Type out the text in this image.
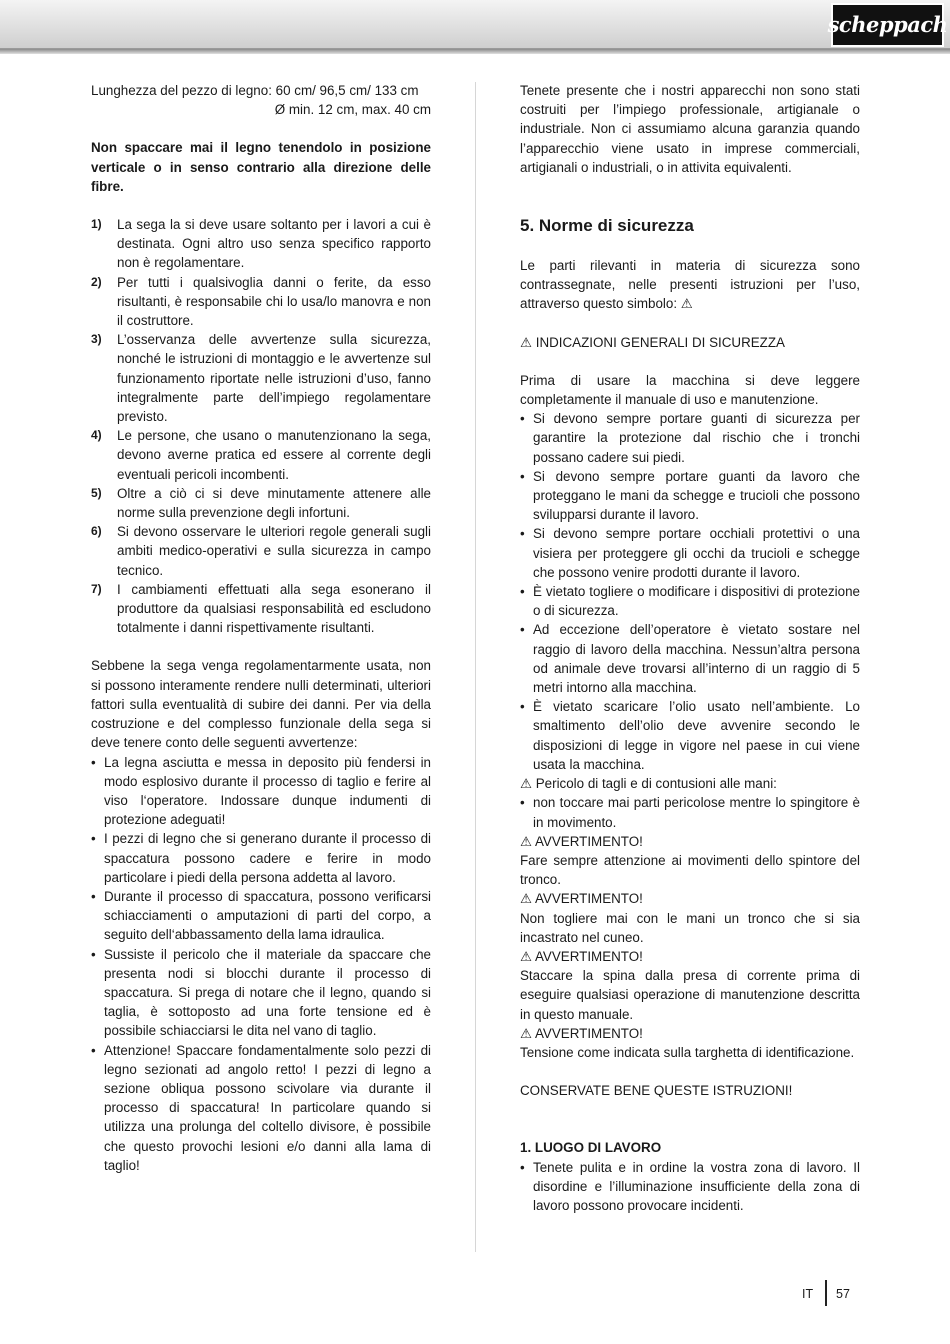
scheppach

Lunghezza del pezzo di legno: 60 cm/ 96,5 cm/ 133 cm

Ø min. 12 cm, max. 40 cm

Non spaccare mai il legno tenendolo in posizione verticale o in senso contrario alla direzione delle fibre.

1)	La sega la si deve usare soltanto per i lavori a cui è destinata. Ogni altro uso senza specifico rapporto non è regolamentare.
2)	Per tutti i qualsivoglia danni o ferite, da esso risultanti, è responsabile chi lo usa/lo manovra e non il costruttore.
3)	L’osservanza delle avvertenze sulla sicurezza, nonché le istruzioni di montaggio e le avvertenze sul funzionamento riportate nelle istruzioni d’uso, fanno integralmente parte dell’impiego regolamentare previsto.
4)	Le persone, che usano o manutenzionano la sega, devono averne pratica ed essere al corrente degli eventuali pericoli incombenti.
5)	Oltre a ciò ci si deve minutamente attenere alle norme sulla prevenzione degli infortuni.
6)	Si devono osservare le ulteriori regole generali sugli ambiti medico-operativi e sulla sicurezza in campo tecnico.
7)	I cambiamenti effettuati alla sega esonerano il produttore da qualsiasi responsabilità ed escludono totalmente i danni rispettivamente risultanti.

Sebbene la sega venga regolamentarmente usata, non si possono interamente rendere nulli determinati, ulteriori fattori sulla eventualità di subire dei danni. Per via della costruzione e del complesso funzionale della sega si deve tenere conto delle seguenti avvertenze:

• La legna asciutta e messa in deposito più fendersi in modo esplosivo durante il processo di taglio e ferire al viso l‘operatore. Indossare dunque indumenti di protezione adeguati!
• I pezzi di legno che si generano durante il processo di spaccatura possono cadere e ferire in modo particolare i piedi della persona addetta al lavoro.
• Durante il processo di spaccatura, possono verificarsi schiacciamenti o amputazioni di parti del corpo, a seguito dell‘abbassamento della lama idraulica.
• Sussiste il pericolo che il materiale da spaccare che presenta nodi si blocchi durante il processo di spaccatura. Si prega di notare che il legno, quando si taglia, è sottoposto ad una forte tensione ed è possibile schiacciarsi le dita nel vano di taglio.
• Attenzione! Spaccare fondamentalmente solo pezzi di legno sezionati ad angolo retto! I pezzi di legno a sezione obliqua possono scivolare via durante il processo di spaccatura! In particolare quando si utilizza una prolunga del coltello divisore, è possibile che questo provochi lesioni e/o danni alla lama di taglio!

Tenete presente che i nostri apparecchi non sono stati costruiti per l’impiego professionale, artigianale o industriale. Non ci assumiamo alcuna garanzia quando l’apparecchio viene usato in imprese commerciali, artigianali o industriali, o in attivita equivalenti.

5. Norme di sicurezza

Le parti rilevanti in materia di sicurezza sono contrassegnate, nelle presenti istruzioni per l’uso, attraverso questo simbolo: ⚠

⚠ INDICAZIONI GENERALI DI SICUREZZA

Prima di usare la macchina si deve leggere completamente il manuale di uso e manutenzione.

• Si devono sempre portare guanti di sicurezza per garantire la protezione dal rischio che i tronchi possano cadere sui piedi.
• Si devono sempre portare guanti da lavoro che proteggano le mani da schegge e trucioli che possono svilupparsi durante il lavoro.
• Si devono sempre portare occhiali protettivi o una visiera per proteggere gli occhi da trucioli e schegge che possono venire prodotti durante il lavoro.
• È vietato togliere o modificare i dispositivi di protezione o di sicurezza.
• Ad eccezione dell’operatore è vietato sostare nel raggio di lavoro della macchina. Nessun’altra persona od animale deve trovarsi all’interno di un raggio di 5 metri intorno alla macchina.
• È vietato scaricare l’olio usato nell’ambiente. Lo smaltimento dell’olio deve avvenire secondo le disposizioni di legge in vigore nel paese in cui viene usata la macchina.

⚠ Pericolo di tagli e di contusioni alle mani:

• non toccare mai parti pericolose mentre lo spingitore è in movimento.

⚠ AVVERTIMENTO!

Fare sempre attenzione ai movimenti dello spintore del tronco.

⚠ AVVERTIMENTO!

Non togliere mai con le mani un tronco che si sia incastrato nel cuneo.

⚠ AVVERTIMENTO!

Staccare la spina dalla presa di corrente prima di eseguire qualsiasi operazione di manutenzione descritta in questo manuale.

⚠ AVVERTIMENTO!

Tensione come indicata sulla targhetta di identificazione.

CONSERVATE BENE QUESTE ISTRUZIONI!

1. LUOGO DI LAVORO

• Tenete pulita e in ordine la vostra zona di lavoro. Il disordine e l’illuminazione insufficiente della zona di lavoro possono provocare incidenti.
IT 57
